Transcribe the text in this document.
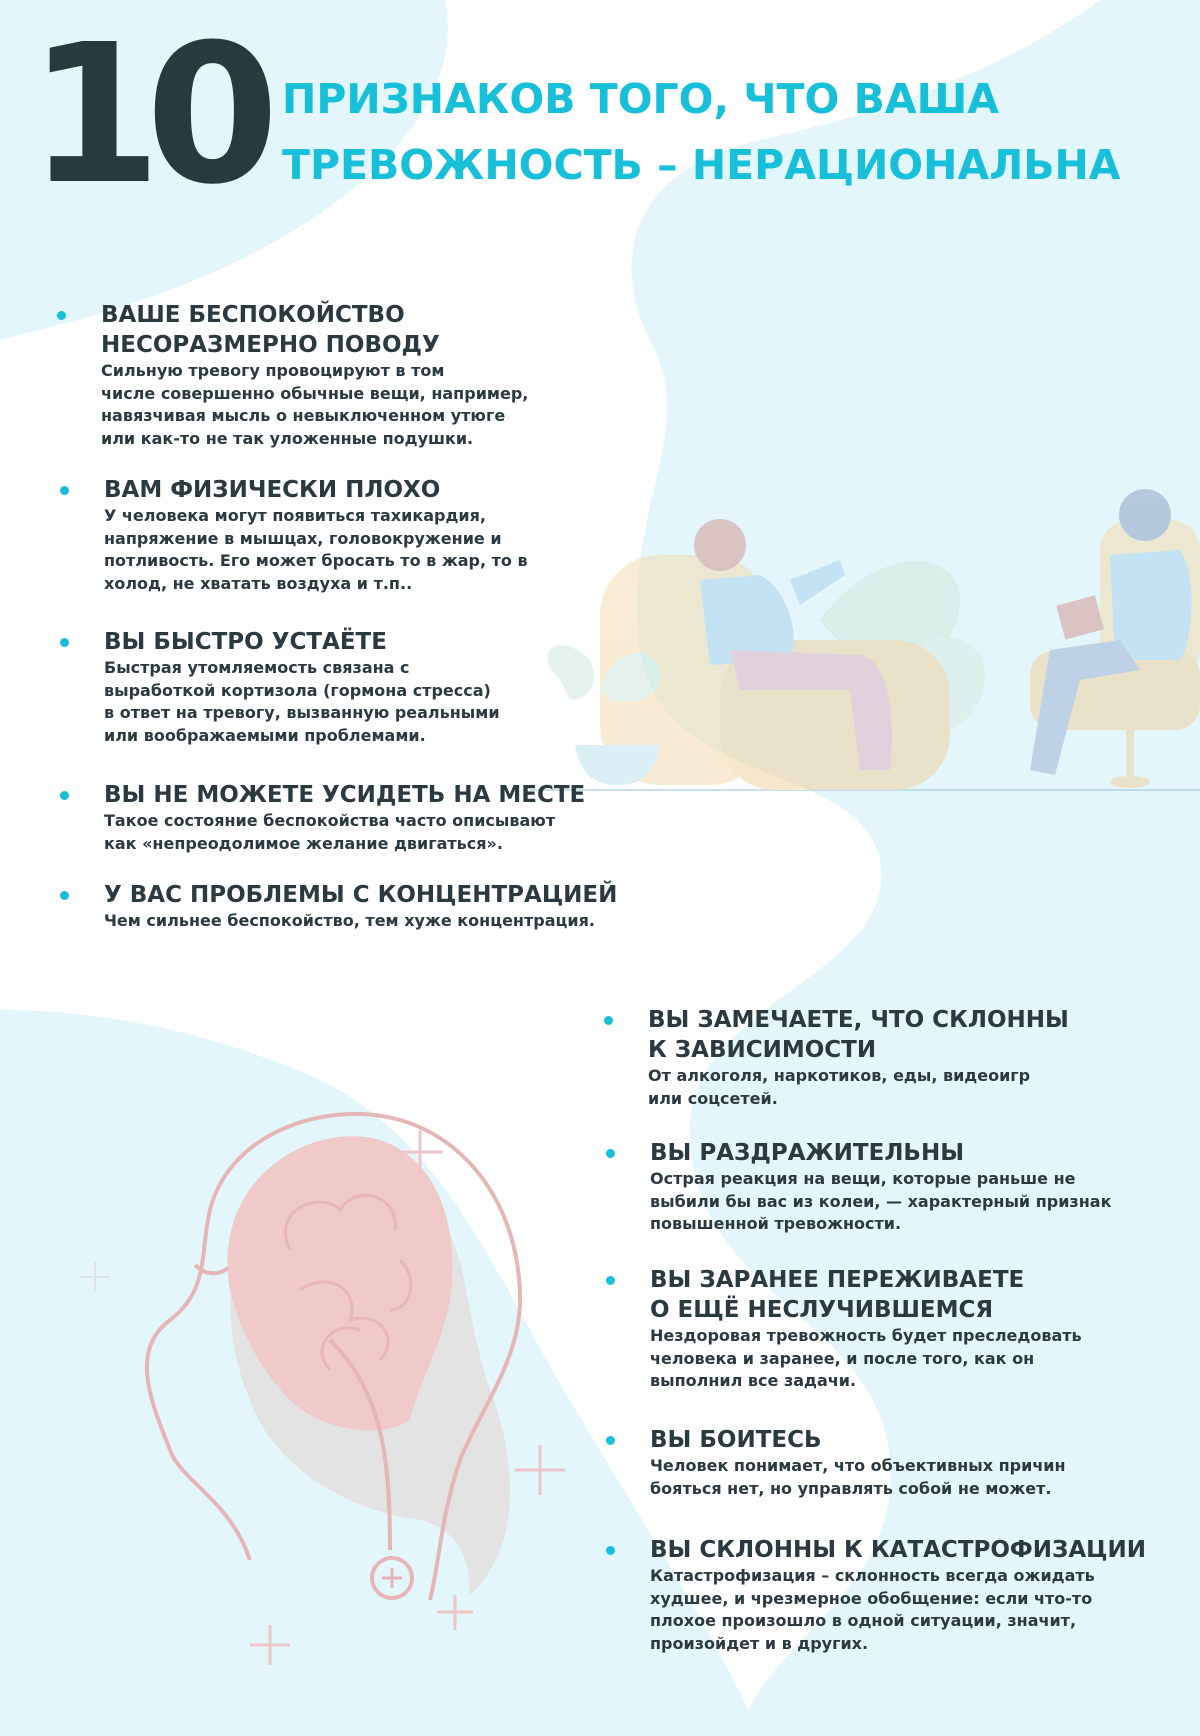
10 ПРИЗНАКОВ ТОГО, ЧТО ВАША
ТРЕВОЖНОСТЬ – НЕРАЦИОНАЛЬНА
ВАШЕ БЕСПОКОЙСТВО
НЕСОРАЗМЕРНО ПОВОДУ

Сильную тревогу провоцируют в том
числе совершенно обычные вещи, например,
навязчивая мысль о невыключенном утюге
или как-то не так уложенные подушки.

ВАМ ФИЗИЧЕСКИ ПЛОХО

У человека могут появиться тахикардия,
напряжение в мышцах, головокружение и
потливость. Его может бросать то в жар, то в
холод, не хватать воздуха и т.п..

ВЫ БЫСТРО УСТАЁТЕ

Быстрая утомляемость связана с
выработкой кортизола (гормона стресса)
в ответ на тревогу, вызванную реальными
или воображаемыми проблемами.

ВЫ НЕ МОЖЕТЕ УСИДЕТЬ НА МЕСТЕ

Такое состояние беспокойства часто описывают
как «непреодолимое желание двигаться».

У ВАС ПРОБЛЕМЫ С КОНЦЕНТРАЦИЕЙ

Чем сильнее беспокойство, тем хуже концентрация.

ВЫ ЗАМЕЧАЕТЕ, ЧТО СКЛОННЫ
К ЗАВИСИМОСТИ

От алкоголя, наркотиков, еды, видеоигр
или соцсетей.

ВЫ РАЗДРАЖИТЕЛЬНЫ

Острая реакция на вещи, которые раньше не
выбили бы вас из колеи, — характерный признак
повышенной тревожности.

ВЫ ЗАРАНЕЕ ПЕРЕЖИВАЕТЕ
О ЕЩЁ НЕСЛУЧИВШЕМСЯ

Нездоровая тревожность будет преследовать
человека и заранее, и после того, как он
выполнил все задачи.

ВЫ БОИТЕСЬ

Человек понимает, что объективных причин
бояться нет, но управлять собой не может.

ВЫ СКЛОННЫ К КАТАСТРОФИЗАЦИИ

Катастрофизация – склонность всегда ожидать
худшее, и чрезмерное обобщение: если что-то
плохое произошло в одной ситуации, значит,
произойдет и в других.
